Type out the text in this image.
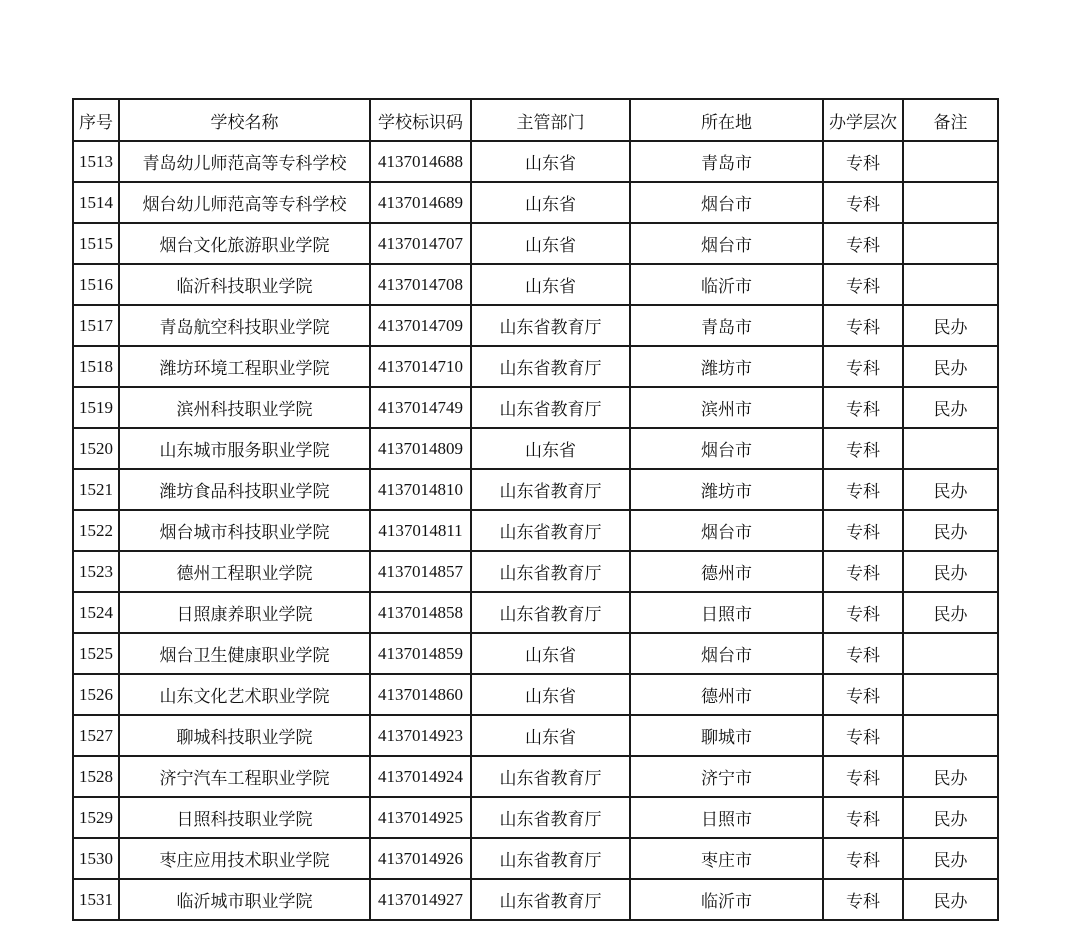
序号	学校名称	学校标识码	主管部门	所在地	办学层次	备注
1513	青岛幼儿师范高等专科学校	4137014688	山东省	青岛市	专科	
1514	烟台幼儿师范高等专科学校	4137014689	山东省	烟台市	专科	
1515	烟台文化旅游职业学院	4137014707	山东省	烟台市	专科	
1516	临沂科技职业学院	4137014708	山东省	临沂市	专科	
1517	青岛航空科技职业学院	4137014709	山东省教育厅	青岛市	专科	民办
1518	潍坊环境工程职业学院	4137014710	山东省教育厅	潍坊市	专科	民办
1519	滨州科技职业学院	4137014749	山东省教育厅	滨州市	专科	民办
1520	山东城市服务职业学院	4137014809	山东省	烟台市	专科	
1521	潍坊食品科技职业学院	4137014810	山东省教育厅	潍坊市	专科	民办
1522	烟台城市科技职业学院	4137014811	山东省教育厅	烟台市	专科	民办
1523	德州工程职业学院	4137014857	山东省教育厅	德州市	专科	民办
1524	日照康养职业学院	4137014858	山东省教育厅	日照市	专科	民办
1525	烟台卫生健康职业学院	4137014859	山东省	烟台市	专科	
1526	山东文化艺术职业学院	4137014860	山东省	德州市	专科	
1527	聊城科技职业学院	4137014923	山东省	聊城市	专科	
1528	济宁汽车工程职业学院	4137014924	山东省教育厅	济宁市	专科	民办
1529	日照科技职业学院	4137014925	山东省教育厅	日照市	专科	民办
1530	枣庄应用技术职业学院	4137014926	山东省教育厅	枣庄市	专科	民办
1531	临沂城市职业学院	4137014927	山东省教育厅	临沂市	专科	民办
